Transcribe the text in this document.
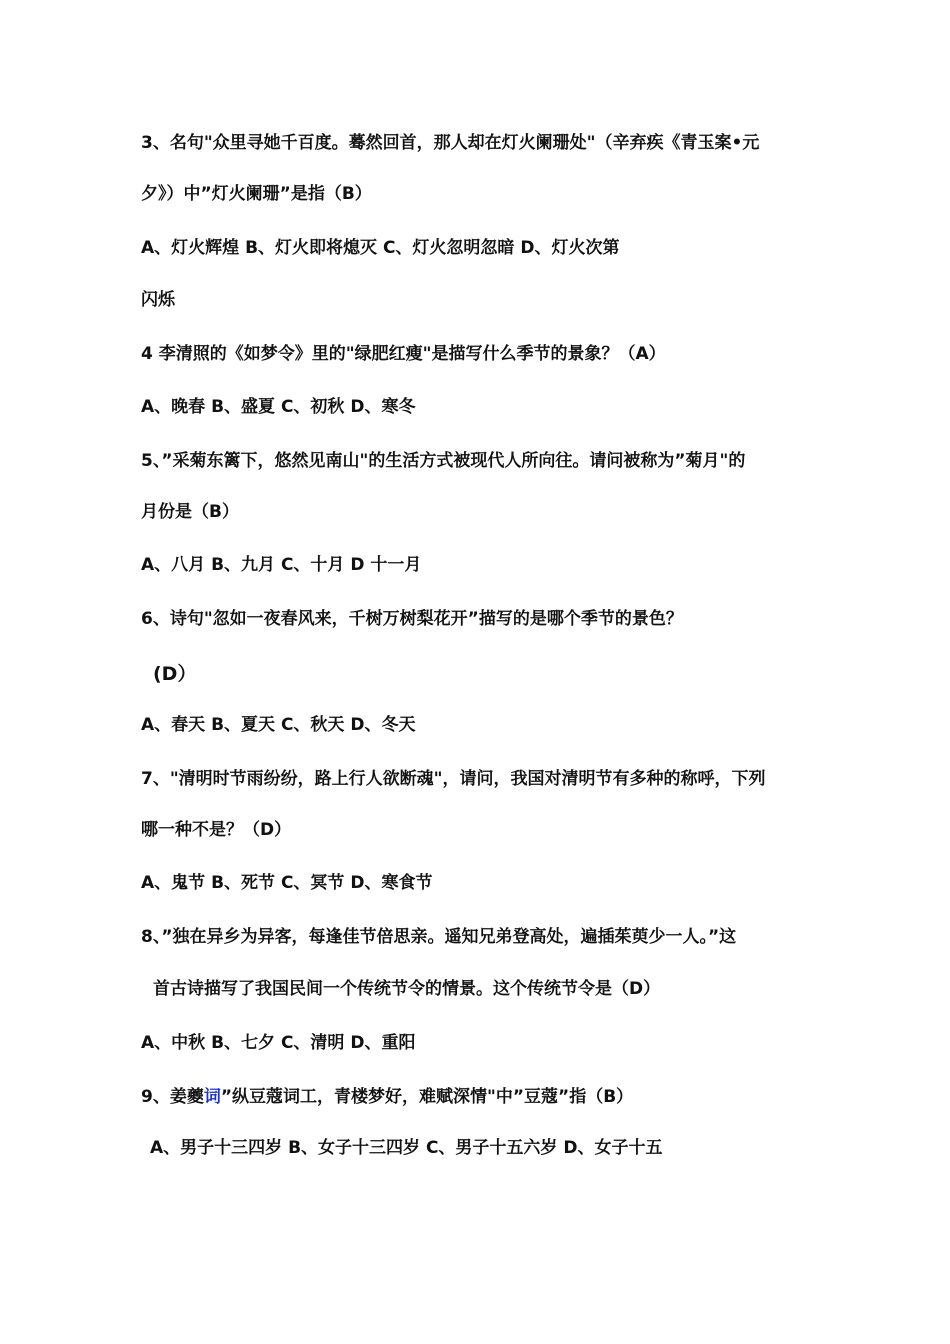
3、名句"众里寻她千百度。蓦然回首，那人却在灯火阑珊处"（辛弃疾《青玉案•元
夕》）中”灯火阑珊”是指（B）
A、灯火辉煌 B、灯火即将熄灭 C、灯火忽明忽暗 D、灯火次第
闪烁
4 李清照的《如梦令》里的"绿肥红瘦"是描写什么季节的景象？（A）
A、晚春 B、盛夏 C、初秋 D、寒冬
5、”采菊东篱下，悠然见南山"的生活方式被现代人所向往。请问被称为”菊月"的
月份是（B）
A、八月 B、九月 C、十月 D 十一月
6、诗句"忽如一夜春风来，千树万树梨花开”描写的是哪个季节的景色？
(D）
A、春天 B、夏天 C、秋天 D、冬天
7、"清明时节雨纷纷，路上行人欲断魂"，请问，我国对清明节有多种的称呼，下列
哪一种不是？（D）
A、鬼节 B、死节 C、冥节 D、寒食节
8、”独在异乡为异客，每逢佳节倍思亲。遥知兄弟登高处，遍插茱萸少一人。”这
首古诗描写了我国民间一个传统节令的情景。这个传统节令是（D）
A、中秋 B、七夕 C、清明 D、重阳
9、姜夔词”纵豆蔻词工，青楼梦好，难赋深情"中”豆蔻”指（B）
A、男子十三四岁 B、女子十三四岁 C、男子十五六岁 D、女子十五
